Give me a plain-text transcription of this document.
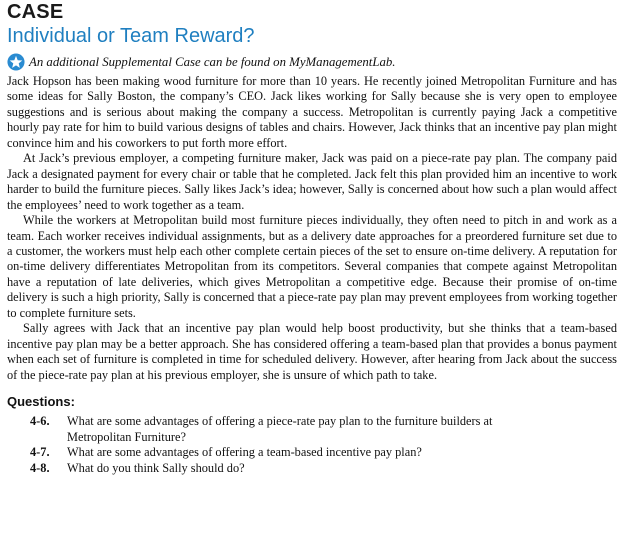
CASE
Individual or Team Reward?
An additional Supplemental Case can be found on MyManagementLab.

Jack Hopson has been making wood furniture for more than 10 years. He recently joined Metropolitan Furniture and has some ideas for Sally Boston, the company’s CEO. Jack likes working for Sally because she is very open to employee suggestions and is serious about making the company a success. Metropolitan is currently paying Jack a competitive hourly pay rate for him to build various designs of tables and chairs. However, Jack thinks that an incentive pay plan might convince him and his coworkers to put forth more effort.

At Jack’s previous employer, a competing furniture maker, Jack was paid on a piece-rate pay plan. The company paid Jack a designated payment for every chair or table that he completed. Jack felt this plan provided him an incentive to work harder to build the furniture pieces. Sally likes Jack’s idea; however, Sally is concerned about how such a plan would affect the employees’ need to work together as a team.

While the workers at Metropolitan build most furniture pieces individually, they often need to pitch in and work as a team. Each worker receives individual assignments, but as a delivery date approaches for a preordered furniture set due to a customer, the workers must help each other complete certain pieces of the set to ensure on-time delivery. A reputation for on-time delivery differentiates Metropolitan from its competitors. Several companies that compete against Metropolitan have a reputation of late deliveries, which gives Metropolitan a competitive edge. Because their promise of on-time delivery is such a high priority, Sally is concerned that a piece-rate pay plan may prevent employees from working together to complete furniture sets.

Sally agrees with Jack that an incentive pay plan would help boost productivity, but she thinks that a team-based incentive pay plan may be a better approach. She has considered offering a team-based plan that provides a bonus payment when each set of furniture is completed in time for scheduled delivery. However, after hearing from Jack about the success of the piece-rate pay plan at his previous employer, she is unsure of which path to take.

Questions:
4-6.	What are some advantages of offering a piece-rate pay plan to the furniture builders at Metropolitan Furniture?
4-7.	What are some advantages of offering a team-based incentive pay plan?
4-8.	What do you think Sally should do?
